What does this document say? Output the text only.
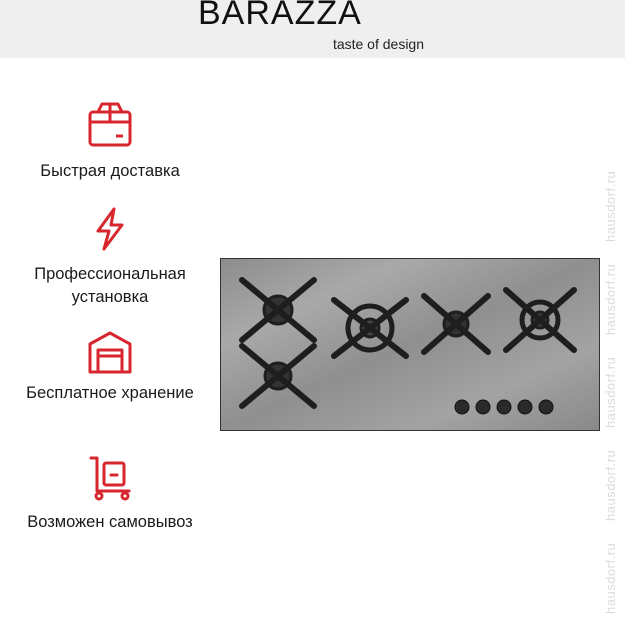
BARAZZA
taste of design
Быстрая доставка
Профессиональная установка
Бесплатное хранение
Возможен самовывоз
hausdorf.ru
hausdorf.ru
hausdorf.ru
hausdorf.ru
hausdorf.ru
